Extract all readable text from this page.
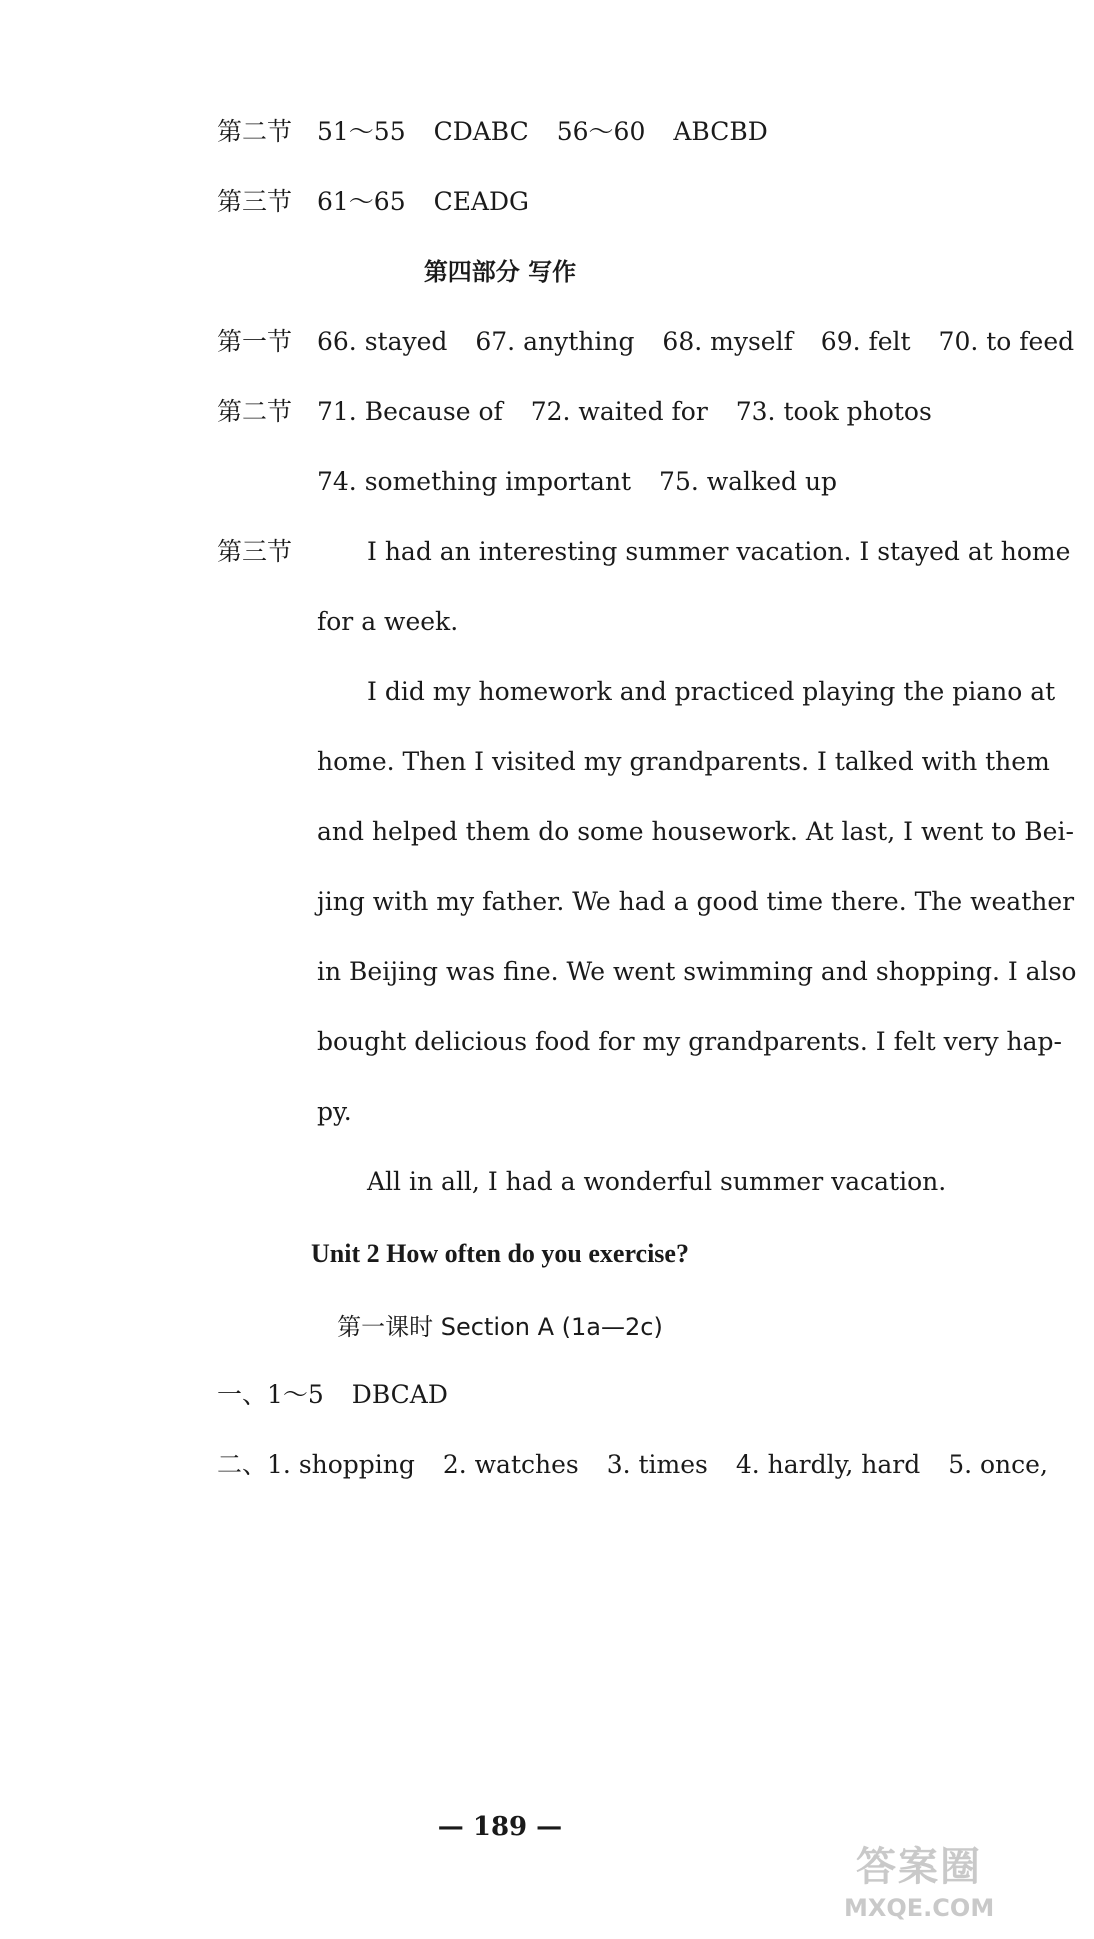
第二节 51～55 CDABC 56～60 ABCBD
第三节 61～65 CEADG
第四部分 写作
第一节 66. stayed 67. anything 68. myself 69. felt 70. to feed
第二节 71. Because of 72. waited for 73. took photos
74. something important 75. walked up
第三节	I had an interesting summer vacation. I stayed at home
for a week.
I did my homework and practiced playing the piano at
home. Then I visited my grandparents. I talked with them
and helped them do some housework. At last, I went to Bei-
jing with my father. We had a good time there. The weather
in Beijing was fine. We went swimming and shopping. I also
bought delicious food for my grandparents. I felt very hap-
py.
All in all, I had a wonderful summer vacation.
Unit 2 How often do you exercise?
第一课时 Section A (1a—2c)
一、1～5 DBCAD
二、1. shopping 2. watches 3. times 4. hardly, hard 5. once,
— 189 —
答案圈
MXQE.COM
